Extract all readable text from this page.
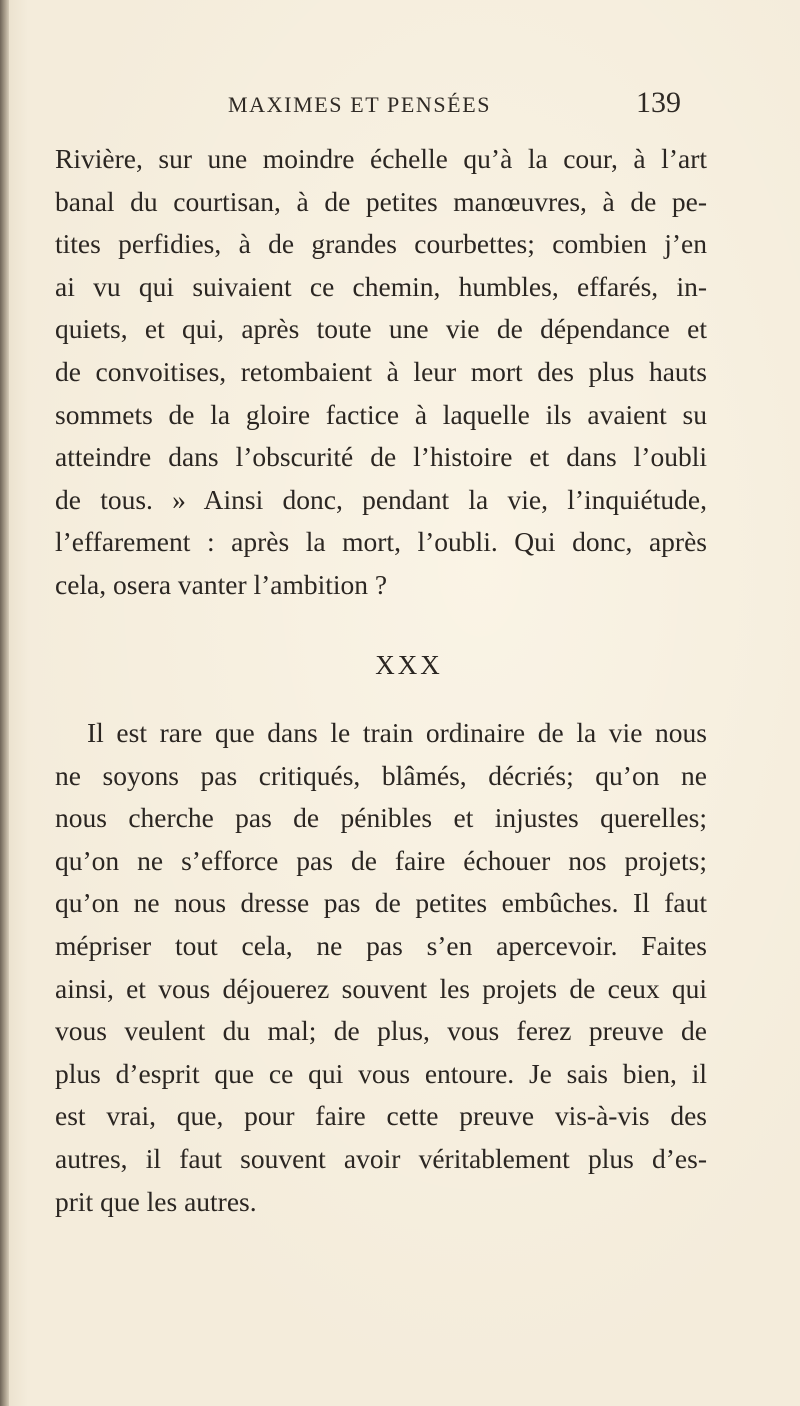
MAXIMES ET PENSÉES	139
Rivière, sur une moindre échelle qu’à la cour, à l’art
banal du courtisan, à de petites manœuvres, à de pe-
tites perfidies, à de grandes courbettes; combien j’en
ai vu qui suivaient ce chemin, humbles, effarés, in-
quiets, et qui, après toute une vie de dépendance et
de convoitises, retombaient à leur mort des plus hauts
sommets de la gloire factice à laquelle ils avaient su
atteindre dans l’obscurité de l’histoire et dans l’oubli
de tous. » Ainsi donc, pendant la vie, l’inquiétude,
l’effarement : après la mort, l’oubli. Qui donc, après
cela, osera vanter l’ambition ?
XXX
Il est rare que dans le train ordinaire de la vie nous
ne soyons pas critiqués, blâmés, décriés; qu’on ne
nous cherche pas de pénibles et injustes querelles;
qu’on ne s’efforce pas de faire échouer nos projets;
qu’on ne nous dresse pas de petites embûches. Il faut
mépriser tout cela, ne pas s’en apercevoir. Faites
ainsi, et vous déjouerez souvent les projets de ceux qui
vous veulent du mal; de plus, vous ferez preuve de
plus d’esprit que ce qui vous entoure. Je sais bien, il
est vrai, que, pour faire cette preuve vis-à-vis des
autres, il faut souvent avoir véritablement plus d’es-
prit que les autres.
